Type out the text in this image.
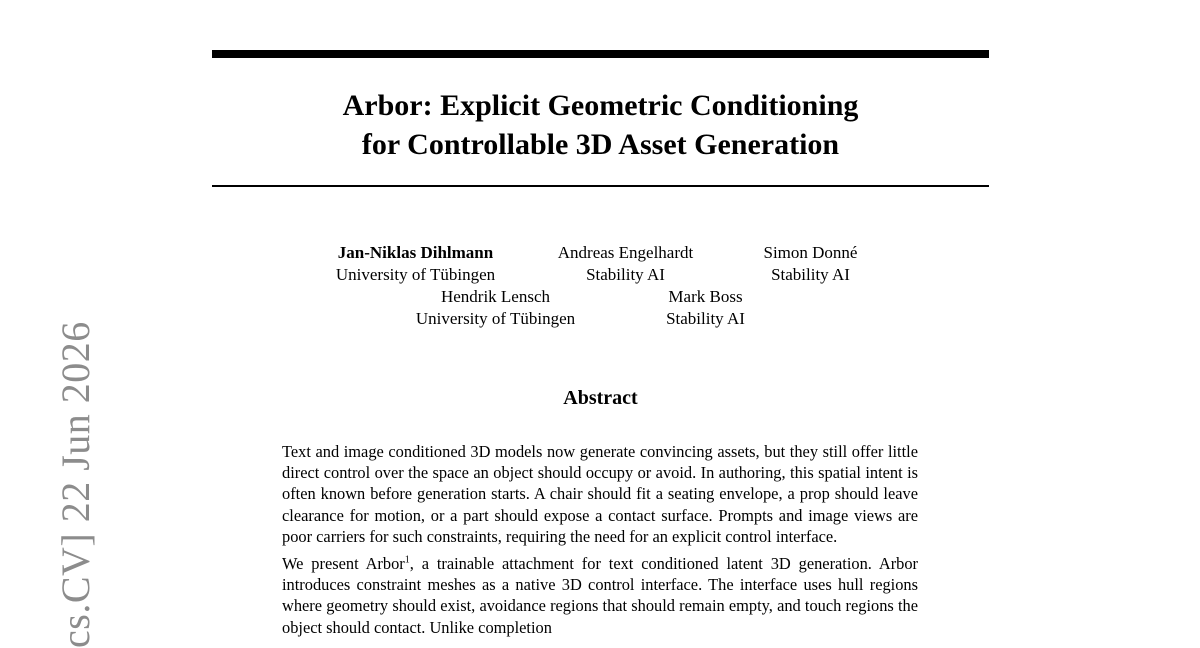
Arbor: Explicit Geometric Conditioning
for Controllable 3D Asset Generation
Jan-Niklas Dihlmann
University of Tübingen
Andreas Engelhardt
Stability AI
Simon Donné
Stability AI
Hendrik Lensch
University of Tübingen
Mark Boss
Stability AI
Abstract

Text and image conditioned 3D models now generate convincing assets, but they still offer little direct control over the space an object should occupy or avoid. In authoring, this spatial intent is often known before generation starts. A chair should fit a seating envelope, a prop should leave clearance for motion, or a part should expose a contact surface. Prompts and image views are poor carriers for such constraints, requiring the need for an explicit control interface.

We present Arbor$^1$, a trainable attachment for text conditioned latent 3D generation. Arbor introduces constraint meshes as a native 3D control interface. The interface uses hull regions where geometry should exist, avoidance regions that should remain empty, and touch regions the object should contact. Unlike completion

cs.CV] 22 Jun 2026
